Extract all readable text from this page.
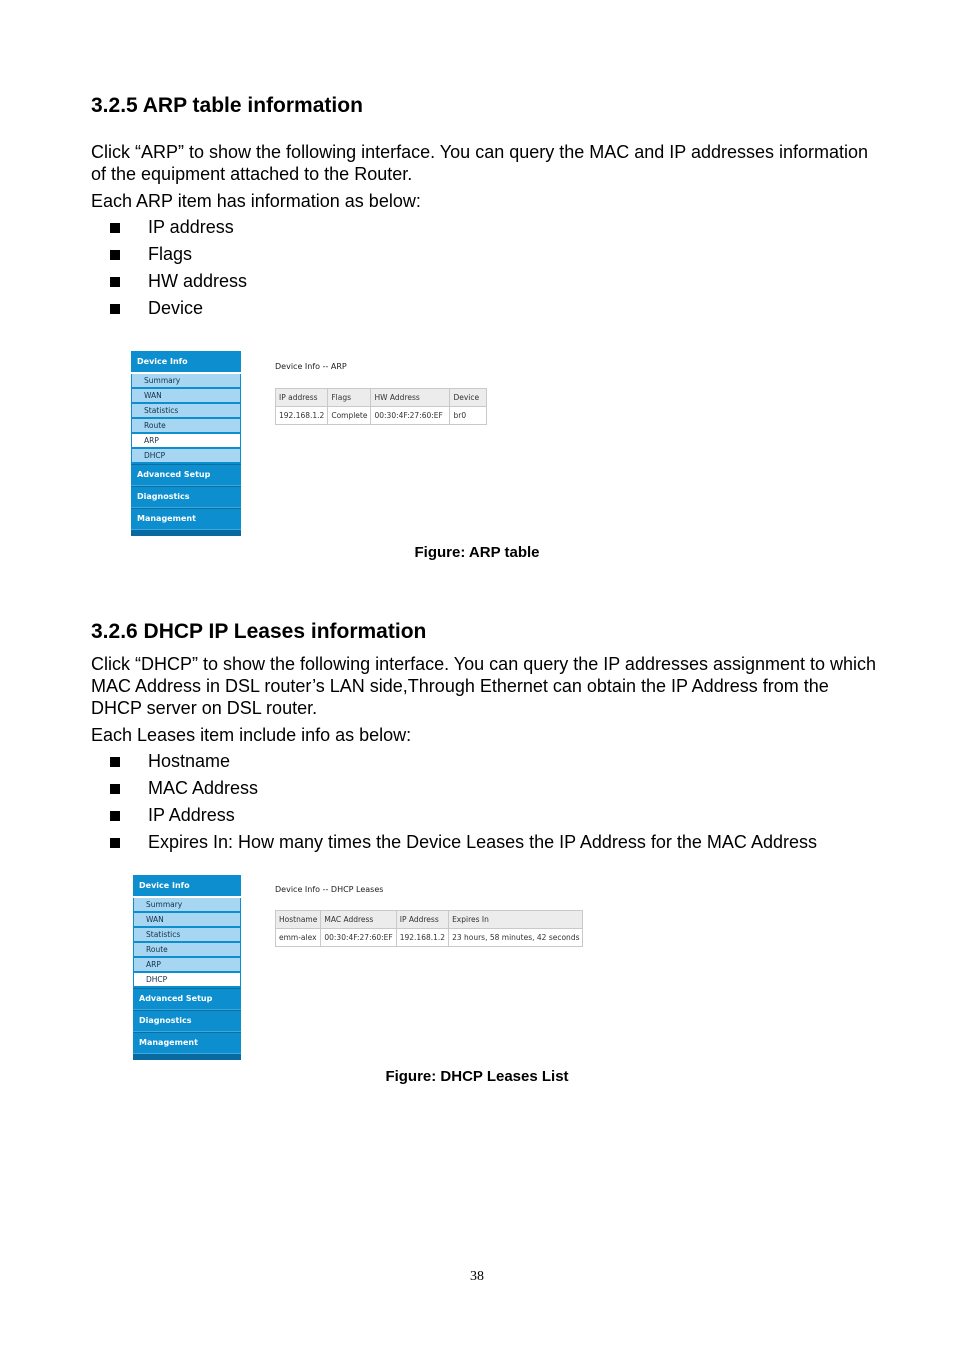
3.2.5 ARP table information

Click “ARP” to show the following interface. You can query the MAC and IP addresses information of the equipment attached to the Router.

Each ARP item has information as below:

IP address
Flags
HW address
Device
Device Info
Summary
WAN
Statistics
Route
ARP
DHCP
Advanced Setup
Diagnostics
Management
Device Info -- ARP
IP address	Flags	HW Address	Device
192.168.1.2	Complete	00:30:4F:27:60:EF	br0
Figure: ARP table
3.2.6 DHCP IP Leases information

Click “DHCP” to show the following interface. You can query the IP addresses assignment to which MAC Address in DSL router’s LAN side,Through Ethernet can obtain the IP Address from the DHCP server on DSL router.

Each Leases item include info as below:

Hostname
MAC Address
IP Address
Expires In: How many times the Device Leases the IP Address for the MAC Address
Device Info
Summary
WAN
Statistics
Route
ARP
DHCP
Advanced Setup
Diagnostics
Management
Device Info -- DHCP Leases
Hostname	MAC Address	IP Address	Expires In
emm-alex	00:30:4F:27:60:EF	192.168.1.2	23 hours, 58 minutes, 42 seconds
Figure: DHCP Leases List
38
